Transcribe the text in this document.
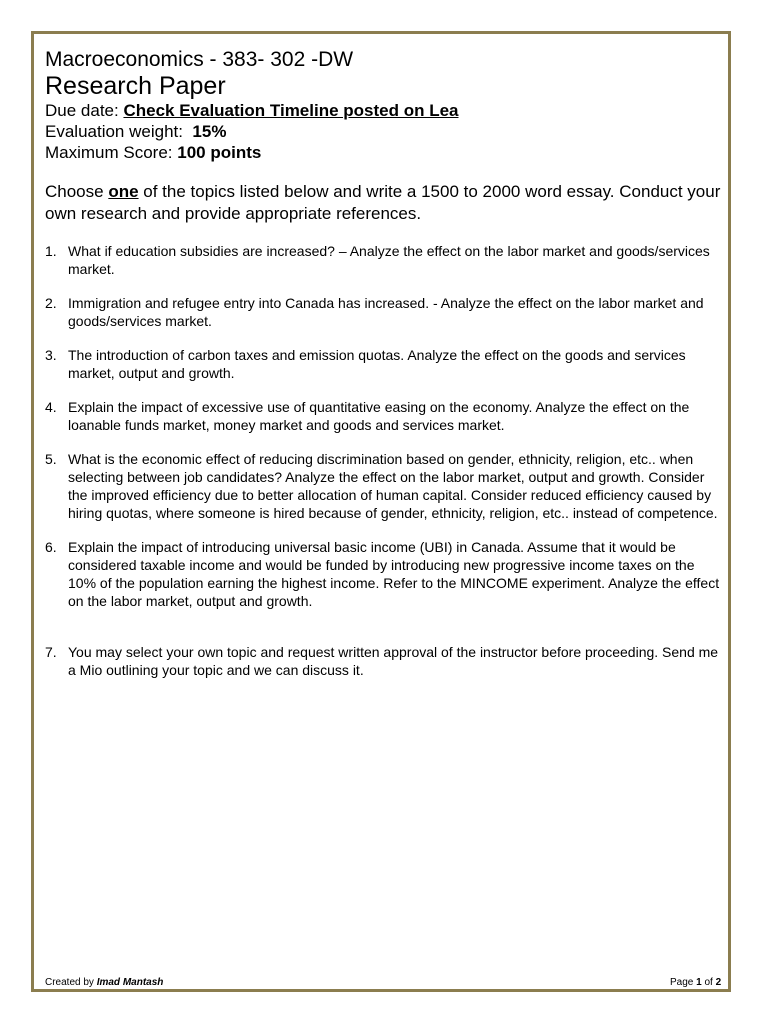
Macroeconomics - 383- 302 -DW
Research Paper

Due date: Check Evaluation Timeline posted on Lea

Evaluation weight:  15%

Maximum Score: 100 points

Choose one of the topics listed below and write a 1500 to 2000 word essay. Conduct your own research and provide appropriate references.

1. What if education subsidies are increased? – Analyze the effect on the labor market and goods/services market.
2. Immigration and refugee entry into Canada has increased. - Analyze the effect on the labor market and goods/services market.
3. The introduction of carbon taxes and emission quotas. Analyze the effect on the goods and services market, output and growth.
4. Explain the impact of excessive use of quantitative easing on the economy. Analyze the effect on the loanable funds market, money market and goods and services market.
5. What is the economic effect of reducing discrimination based on gender, ethnicity, religion, etc.. when selecting between job candidates? Analyze the effect on the labor market, output and growth. Consider the improved efficiency due to better allocation of human capital. Consider reduced efficiency caused by hiring quotas, where someone is hired because of gender, ethnicity, religion, etc.. instead of competence.
6. Explain the impact of introducing universal basic income (UBI) in Canada. Assume that it would be considered taxable income and would be funded by introducing new progressive income taxes on the 10% of the population earning the highest income. Refer to the MINCOME experiment. Analyze the effect on the labor market, output and growth.
7. You may select your own topic and request written approval of the instructor before proceeding. Send me a Mio outlining your topic and we can discuss it.
Created by Imad Mantash	Page 1 of 2
